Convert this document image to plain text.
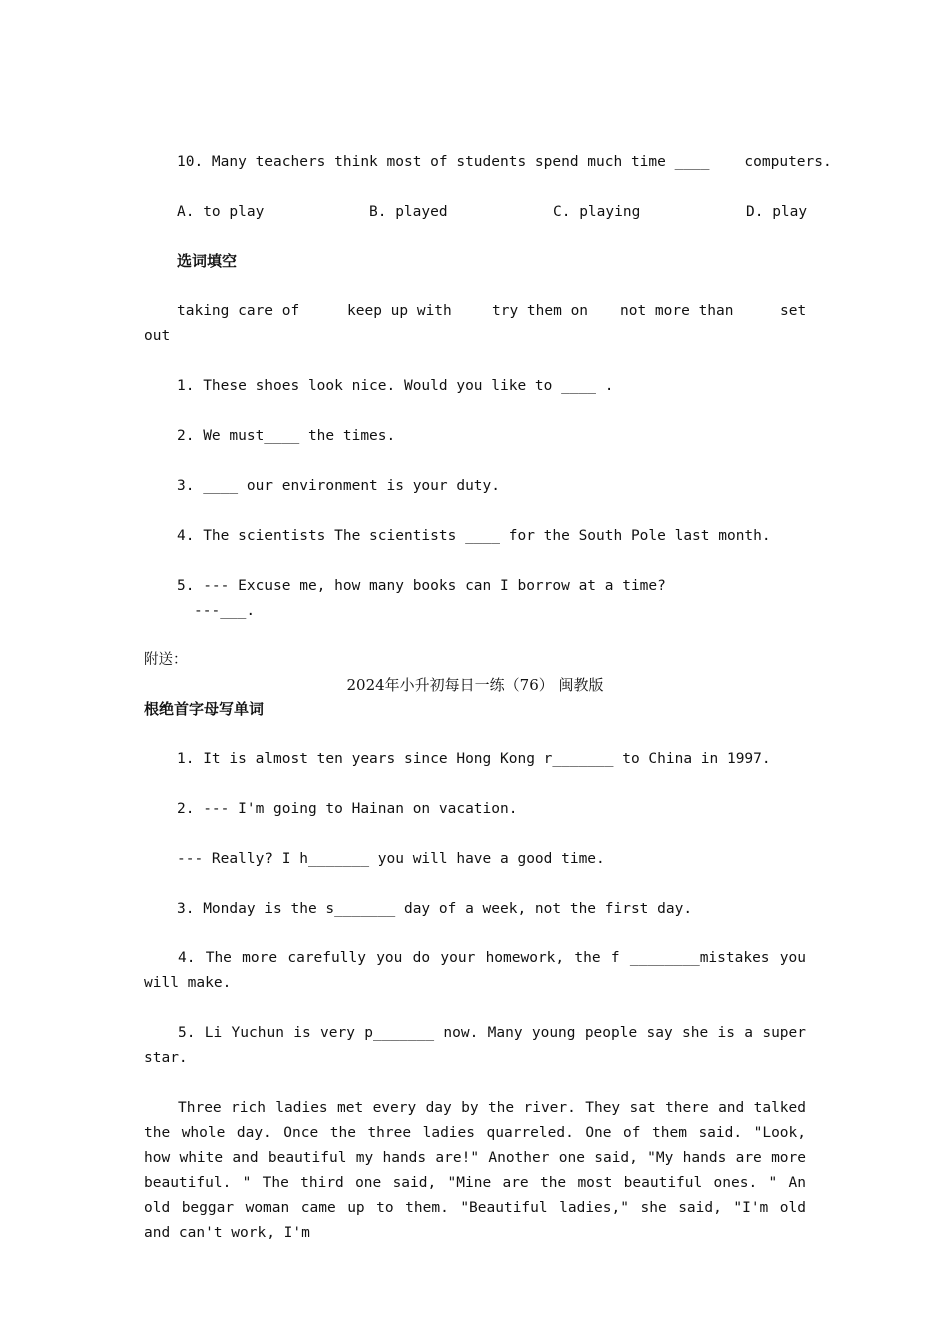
10. Many teachers think most of students spend much time ____    computers.
A. to play	B. played	C. playing	D. play
选词填空
taking care of	keep up with	try them on not more than	set
out
1. These shoes look nice. Would you like to ____ .
2. We must____ the times.
3. ____ our environment is your duty.
4. The scientists The scientists ____ for the South Pole last month.
5. --- Excuse me, how many books can I borrow at a time?
---___.
附送：
2024年小升初每日一练（76） 闽教版
根绝首字母写单词
1. It is almost ten years since Hong Kong r_______ to China in 1997.
2. --- I'm going to Hainan on vacation.
--- Really? I h_______ you will have a good time.
3. Monday is the s_______ day of a week, not the first day.
4. The more carefully you do your homework, the f ________mistakes you will make.
5. Li Yuchun is very p_______ now. Many young people say she is a super star.
Three rich ladies met every day by the river. They sat there and talked the whole day. Once the three ladies quarreled. One of them said. "Look, how white and beautiful my hands are!" Another one said, "My hands are more beautiful. " The third one said, "Mine are the most beautiful ones. " An old beggar woman came up to them. "Beautiful ladies," she said, "I'm old and can't work, I'm
